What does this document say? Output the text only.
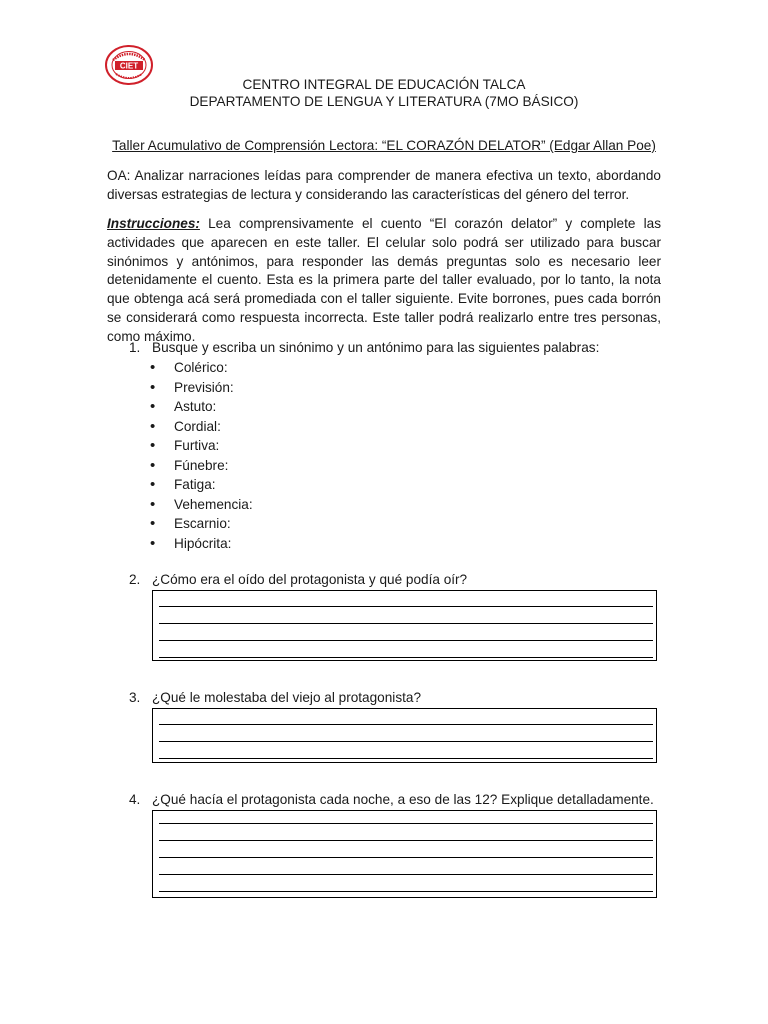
CIET
CENTRO INTEGRAL DE EDUCACIÓN TALCA
DEPARTAMENTO DE LENGUA Y LITERATURA (7MO BÁSICO)
Taller Acumulativo de Comprensión Lectora: “EL CORAZÓN DELATOR” (Edgar Allan Poe)
OA: Analizar narraciones leídas para comprender de manera efectiva un texto, abordando diversas estrategias de lectura y considerando las características del género del terror.
Instrucciones: Lea comprensivamente el cuento “El corazón delator” y complete las actividades que aparecen en este taller. El celular solo podrá ser utilizado para buscar sinónimos y antónimos, para responder las demás preguntas solo es necesario leer detenidamente el cuento. Esta es la primera parte del taller evaluado, por lo tanto, la nota que obtenga acá será promediada con el taller siguiente. Evite borrones, pues cada borrón se considerará como respuesta incorrecta. Este taller podrá realizarlo entre tres personas, como máximo.
1. Busque y escriba un sinónimo y un antónimo para las siguientes palabras:
• Colérico:
• Previsión:
• Astuto:
• Cordial:
• Furtiva:
• Fúnebre:
• Fatiga:
• Vehemencia:
• Escarnio:
• Hipócrita:
2. ¿Cómo era el oído del protagonista y qué podía oír?
3. ¿Qué le molestaba del viejo al protagonista?
4. ¿Qué hacía el protagonista cada noche, a eso de las 12? Explique detalladamente.
